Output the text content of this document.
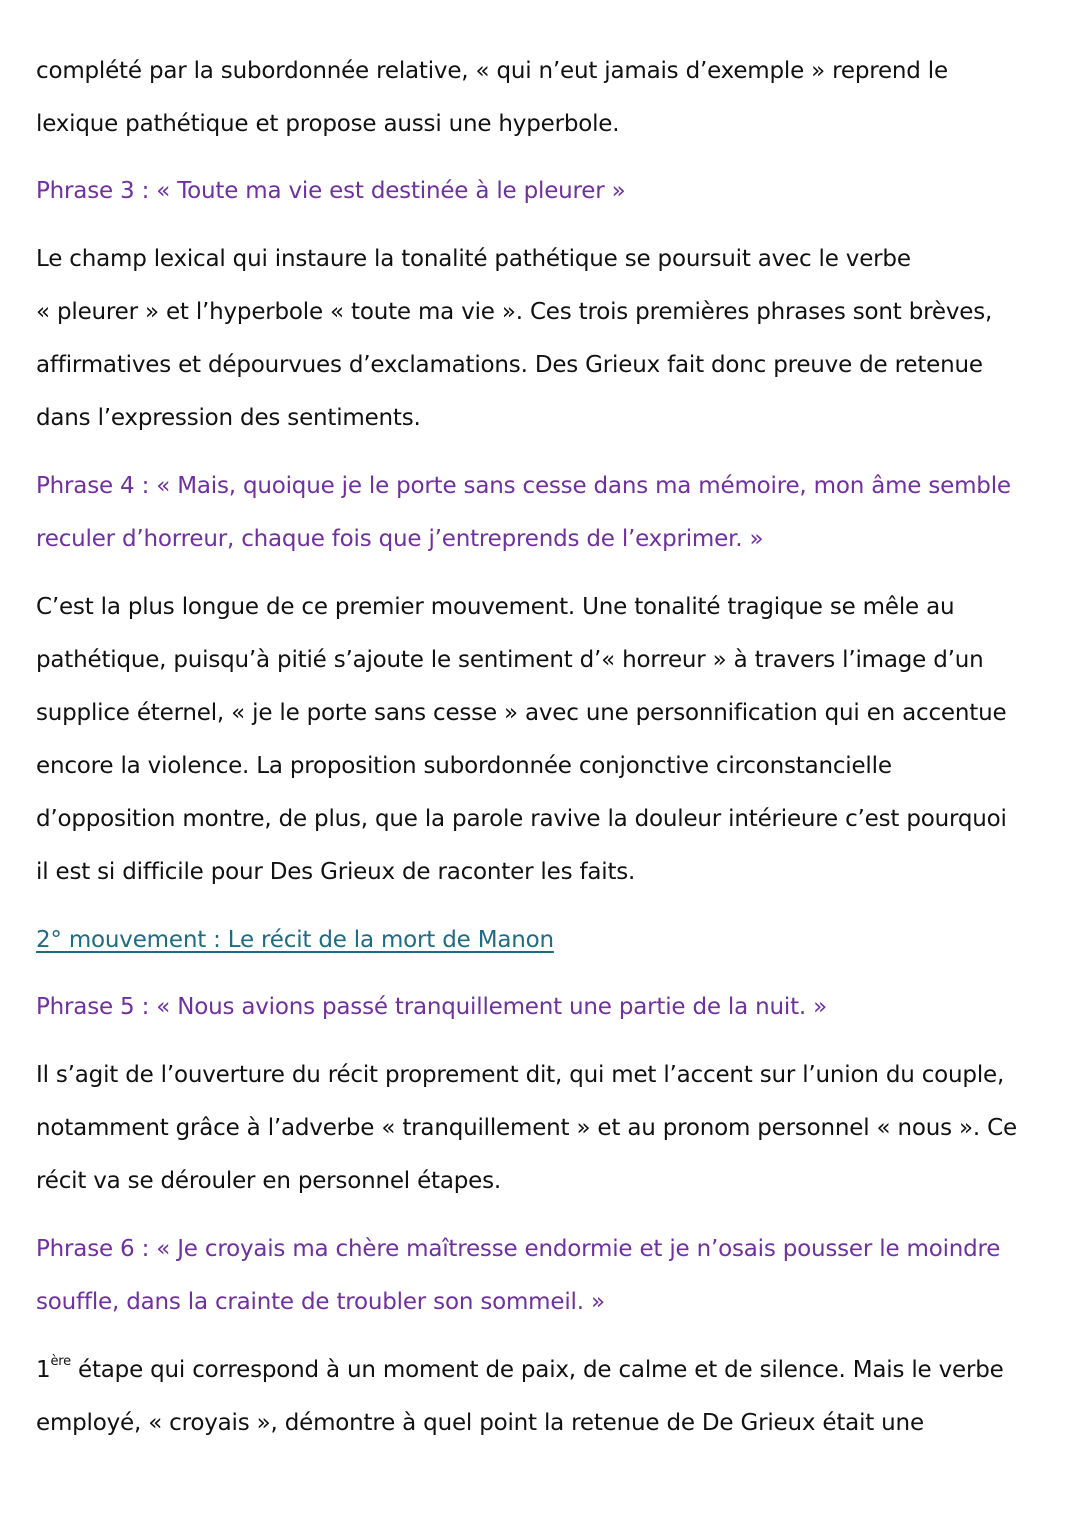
complété par la subordonnée relative, « qui n’eut jamais d’exemple » reprend le
lexique pathétique et propose aussi une hyperbole.
Phrase 3 : « Toute ma vie est destinée à le pleurer »
Le champ lexical qui instaure la tonalité pathétique se poursuit avec le verbe
« pleurer » et l’hyperbole « toute ma vie ». Ces trois premières phrases sont brèves,
affirmatives et dépourvues d’exclamations. Des Grieux fait donc preuve de retenue
dans l’expression des sentiments.
Phrase 4 : « Mais, quoique je le porte sans cesse dans ma mémoire, mon âme semble
reculer d’horreur, chaque fois que j’entreprends de l’exprimer. »
C’est la plus longue de ce premier mouvement. Une tonalité tragique se mêle au
pathétique, puisqu’à pitié s’ajoute le sentiment d’« horreur » à travers l’image d’un
supplice éternel, « je le porte sans cesse » avec une personnification qui en accentue
encore la violence. La proposition subordonnée conjonctive circonstancielle
d’opposition montre, de plus, que la parole ravive la douleur intérieure c’est pourquoi
il est si difficile pour Des Grieux de raconter les faits.
2° mouvement : Le récit de la mort de Manon
Phrase 5 : « Nous avions passé tranquillement une partie de la nuit. »
Il s’agit de l’ouverture du récit proprement dit, qui met l’accent sur l’union du couple,
notamment grâce à l’adverbe « tranquillement » et au pronom personnel « nous ». Ce
récit va se dérouler en personnel étapes.
Phrase 6 : « Je croyais ma chère maîtresse endormie et je n’osais pousser le moindre
souffle, dans la crainte de troubler son sommeil. »
1ère étape qui correspond à un moment de paix, de calme et de silence. Mais le verbe
employé, « croyais », démontre à quel point la retenue de De Grieux était une
